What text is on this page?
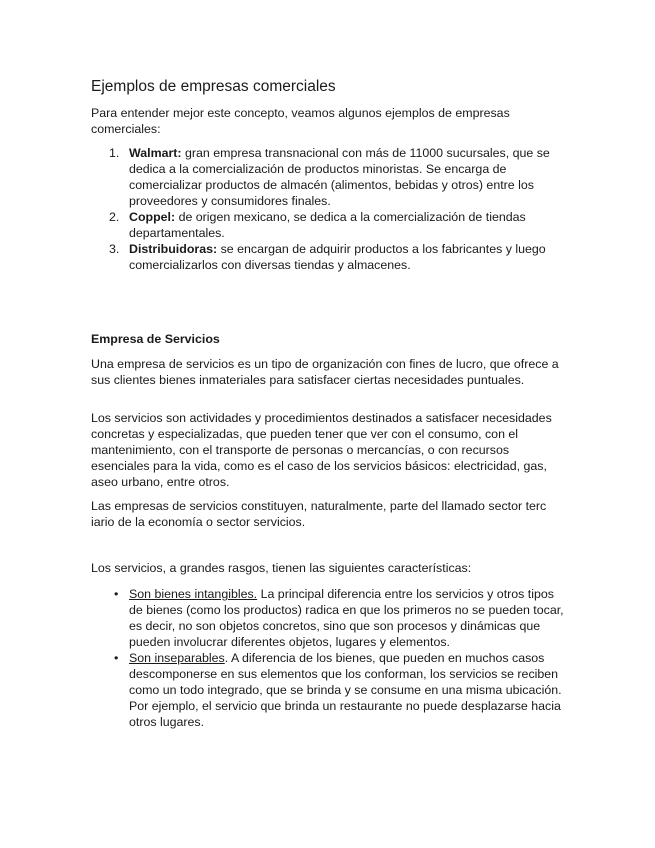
Ejemplos de empresas comerciales

Para entender mejor este concepto, veamos algunos ejemplos de empresas comerciales:

1. Walmart: gran empresa transnacional con más de 11000 sucursales, que se dedica a la comercialización de productos minoristas. Se encarga de comercializar productos de almacén (alimentos, bebidas y otros) entre los proveedores y consumidores finales.
2. Coppel: de origen mexicano, se dedica a la comercialización de tiendas departamentales.
3. Distribuidoras: se encargan de adquirir productos a los fabricantes y luego comercializarlos con diversas tiendas y almacenes.
Empresa de Servicios

Una empresa de servicios es un tipo de organización con fines de lucro, que ofrece a sus clientes bienes inmateriales para satisfacer ciertas necesidades puntuales.

Los servicios son actividades y procedimientos destinados a satisfacer necesidades concretas y especializadas, que pueden tener que ver con el consumo, con el mantenimiento, con el transporte de personas o mercancías, o con recursos esenciales para la vida, como es el caso de los servicios básicos: electricidad, gas, aseo urbano, entre otros.

Las empresas de servicios constituyen, naturalmente, parte del llamado sector terc iario de la economía o sector servicios.

Los servicios, a grandes rasgos, tienen las siguientes características:

• Son bienes intangibles. La principal diferencia entre los servicios y otros tipos de bienes (como los productos) radica en que los primeros no se pueden tocar, es decir, no son objetos concretos, sino que son procesos y dinámicas que pueden involucrar diferentes objetos, lugares y elementos.
• Son inseparables. A diferencia de los bienes, que pueden en muchos casos descomponerse en sus elementos que los conforman, los servicios se reciben como un todo integrado, que se brinda y se consume en una misma ubicación. Por ejemplo, el servicio que brinda un restaurante no puede desplazarse hacia otros lugares.
